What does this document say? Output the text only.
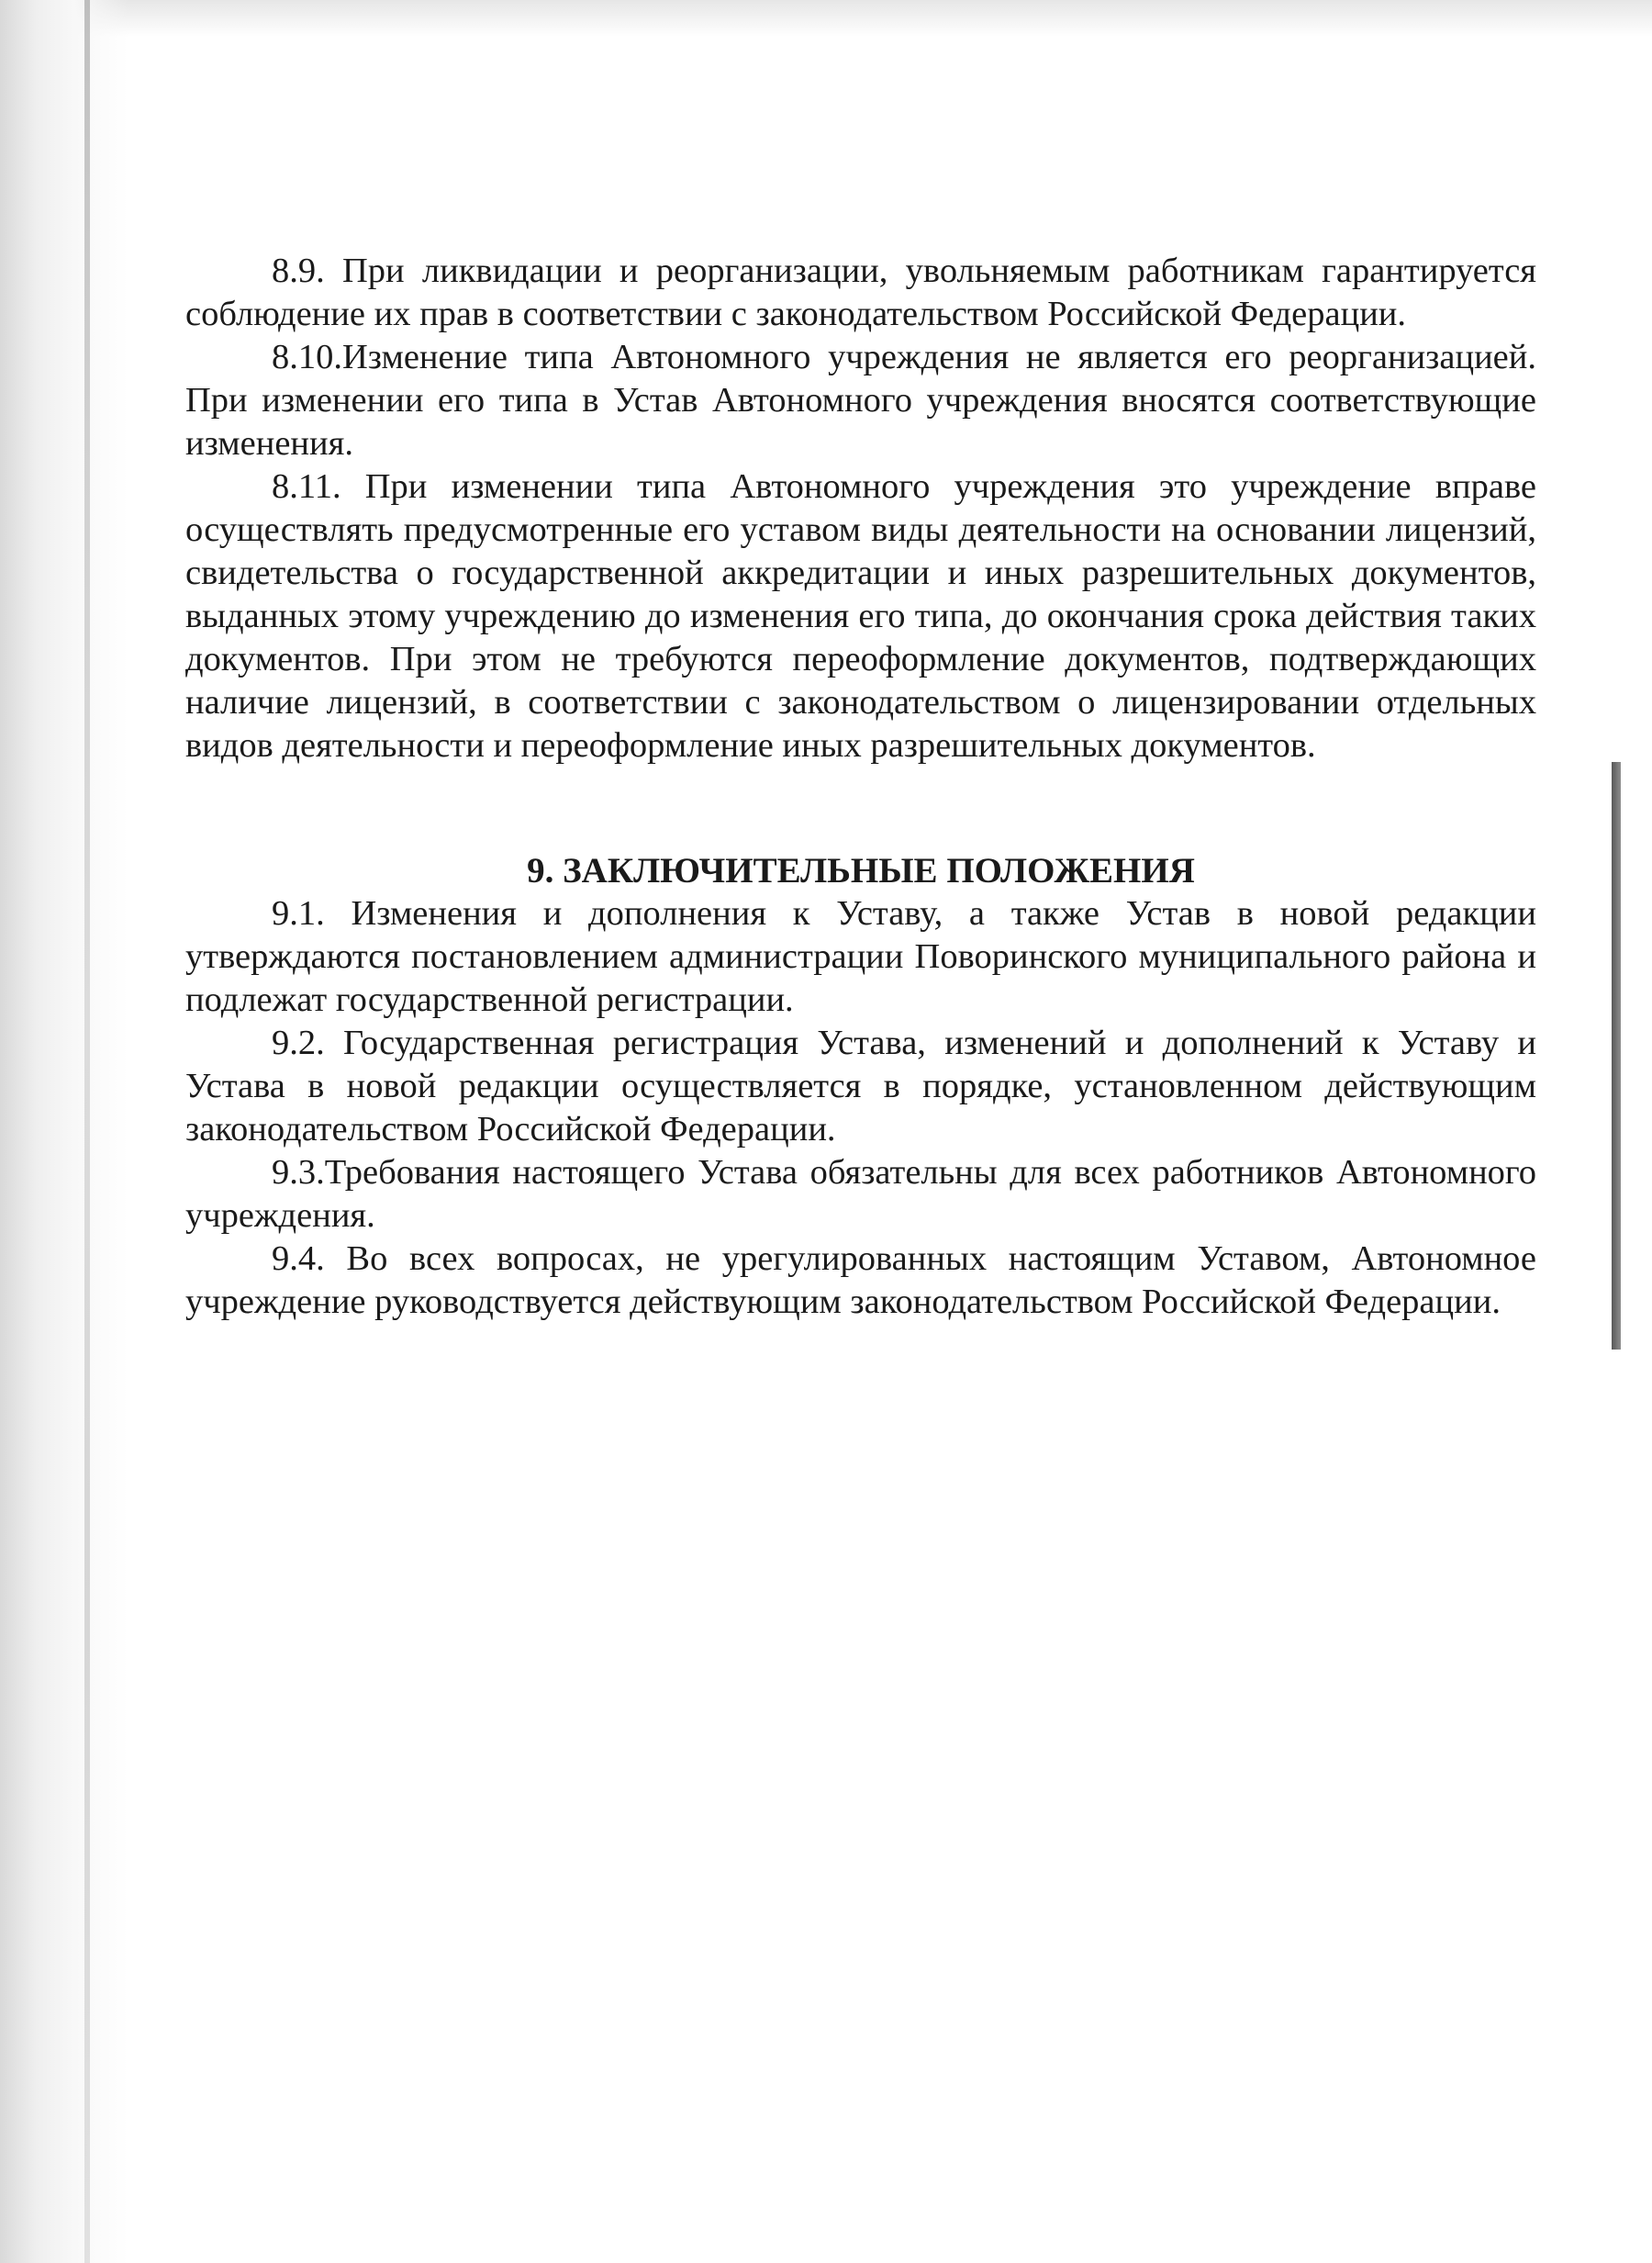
8.9. При ликвидации и реорганизации, увольняемым работникам гарантируется соблюдение их прав в соответствии с законодательством Российской Федерации.

8.10.Изменение типа Автономного учреждения не является его реорганизацией. При изменении его типа в Устав Автономного учреждения вносятся соответствующие изменения.

8.11. При изменении типа Автономного учреждения это учреждение вправе осуществлять предусмотренные его уставом виды деятельности на основании лицензий, свидетельства о государственной аккредитации и иных разрешительных документов, выданных этому учреждению до изменения его типа, до окончания срока действия таких документов. При этом не требуются переоформление документов, подтверждающих наличие лицензий, в соответствии с законодательством о лицензировании отдельных видов деятельности и переоформление иных разрешительных документов.

9. ЗАКЛЮЧИТЕЛЬНЫЕ ПОЛОЖЕНИЯ

9.1. Изменения и дополнения к Уставу, а также Устав в новой редакции утверждаются постановлением администрации Поворинского муниципального района и подлежат государственной регистрации.

9.2. Государственная регистрация Устава, изменений и дополнений к Уставу и Устава в новой редакции осуществляется в порядке, установленном действующим законодательством Российской Федерации.

9.3.Требования настоящего Устава обязательны для всех работников Автономного учреждения.

9.4. Во всех вопросах, не урегулированных настоящим Уставом, Автономное учреждение руководствуется действующим законодательством Российской Федерации.
